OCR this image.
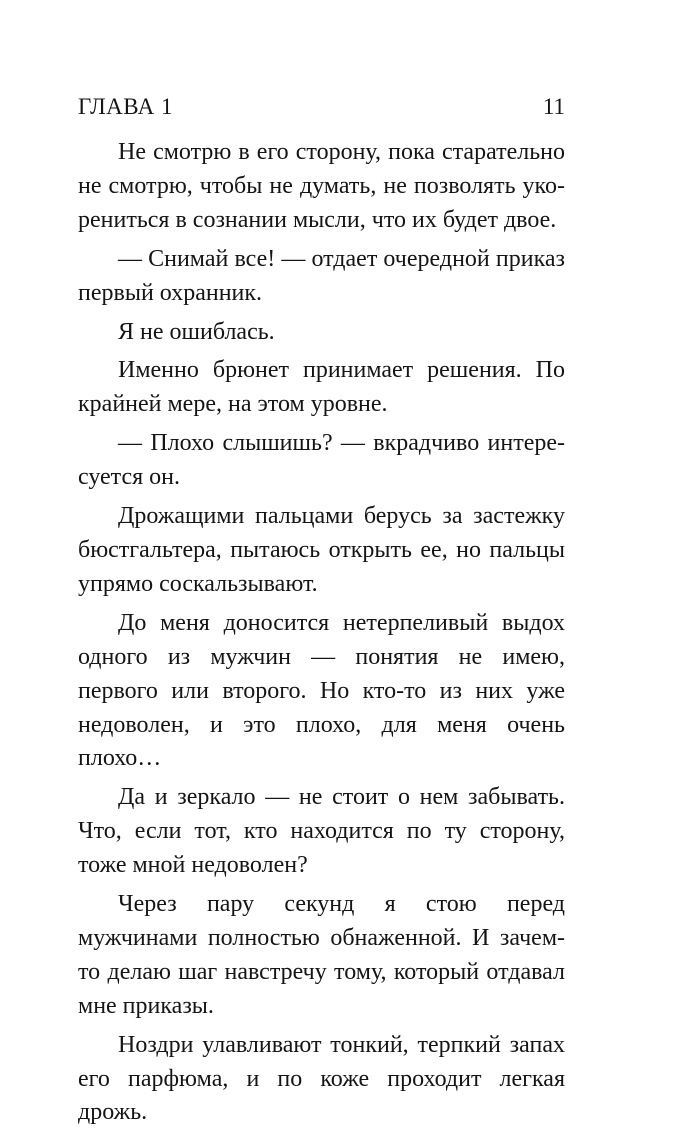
ГЛАВА 1	11

Не смотрю в его сторону, пока старательно не смотрю, чтобы не думать, не позволять укорениться в сознании мысли, что их будет двое.

— Снимай все! — отдает очередной приказ первый охранник.

Я не ошиблась.

Именно брюнет принимает решения. По крайней мере, на этом уровне.

— Плохо слышишь? — вкрадчиво интересуется он.

Дрожащими пальцами берусь за застежку бюстгальтера, пытаюсь открыть ее, но пальцы упрямо соскальзывают.

До меня доносится нетерпеливый выдох одного из мужчин — понятия не имею, первого или второго. Но кто-то из них уже недоволен, и это плохо, для меня очень плохо…

Да и зеркало — не стоит о нем забывать. Что, если тот, кто находится по ту сторону, тоже мной недоволен?

Через пару секунд я стою перед мужчинами полностью обнаженной. И зачем-то делаю шаг навстречу тому, который отдавал мне приказы.

Ноздри улавливают тонкий, терпкий запах его парфюма, и по коже проходит легкая дрожь.
